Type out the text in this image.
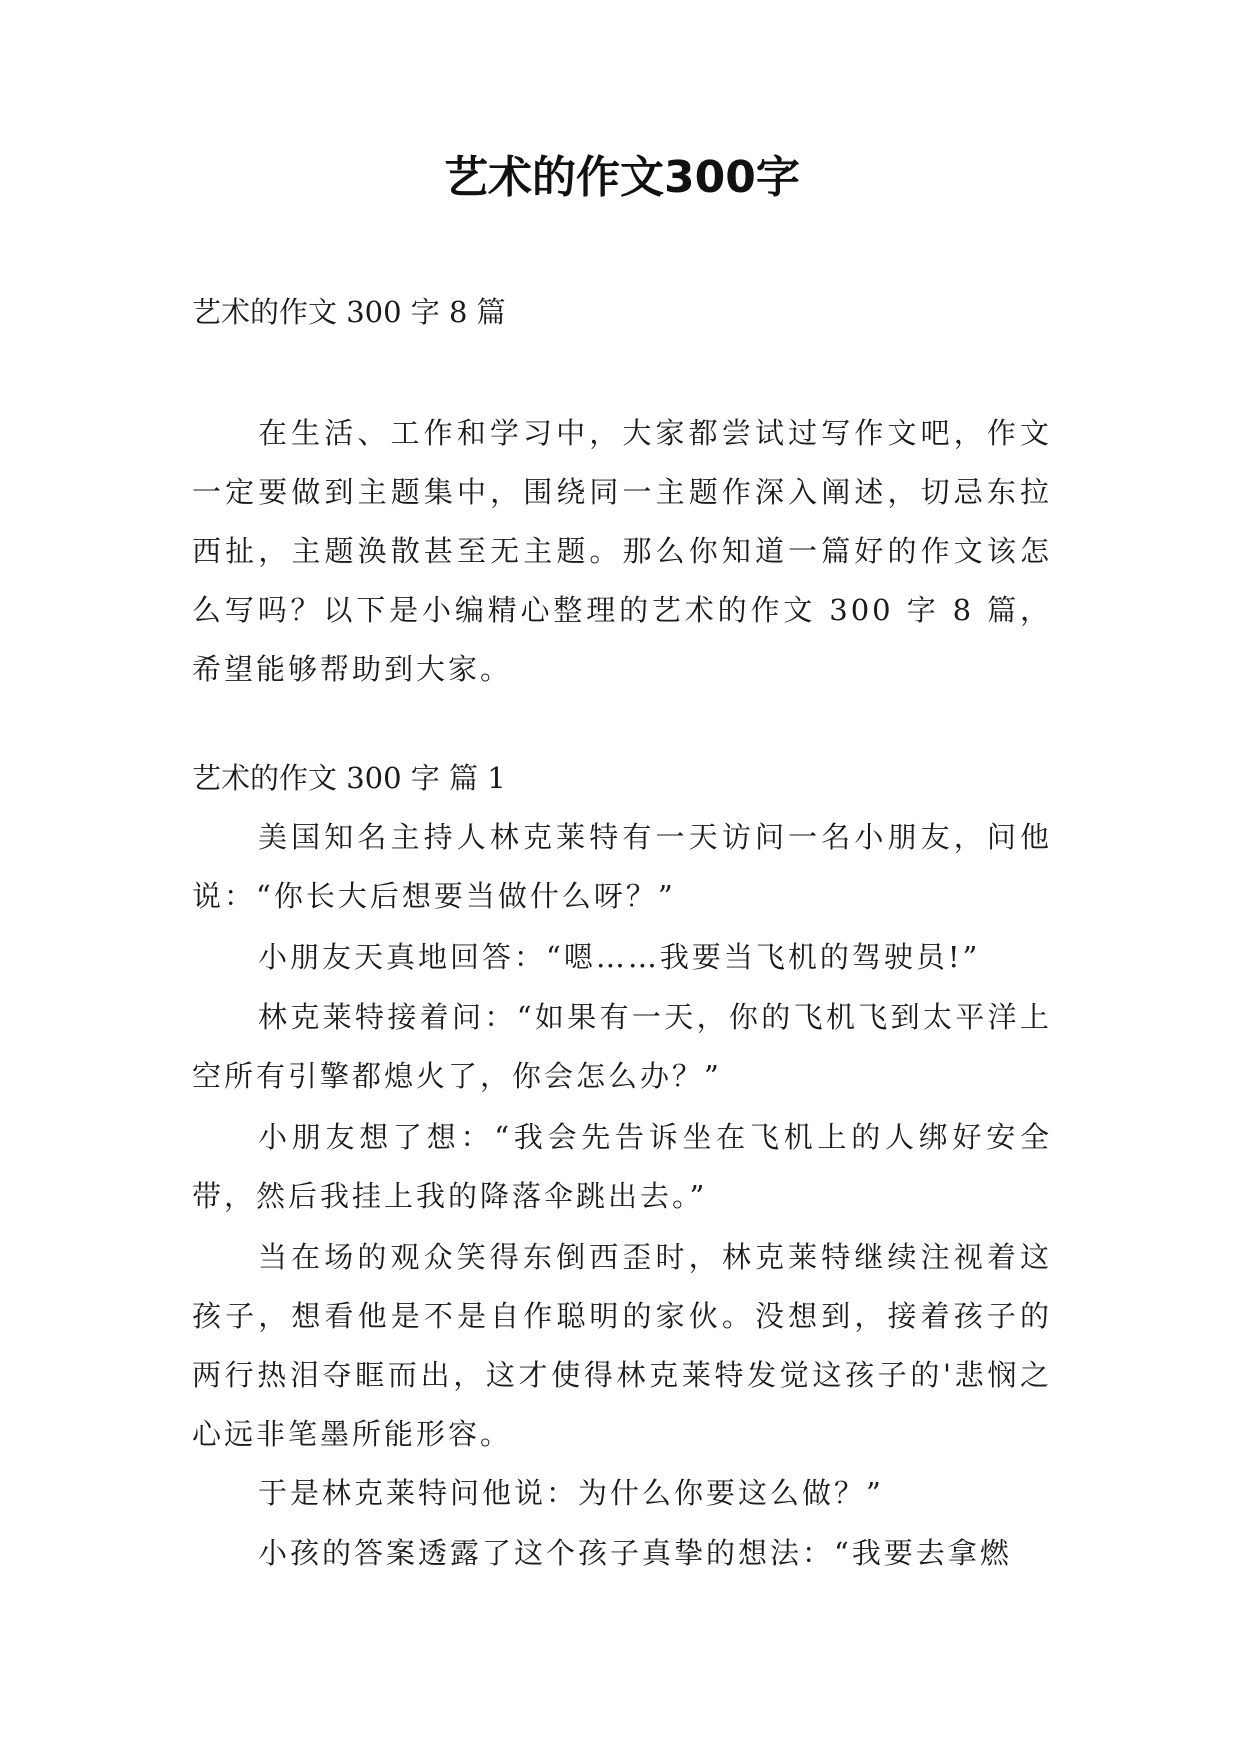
艺术的作文300字

艺术的作文 300 字 8 篇

在生活、工作和学习中，大家都尝试过写作文吧，作文一定要做到主题集中，围绕同一主题作深入阐述，切忌东拉西扯，主题涣散甚至无主题。那么你知道一篇好的作文该怎么写吗？以下是小编精心整理的艺术的作文 300 字 8 篇，希望能够帮助到大家。

艺术的作文 300 字 篇 1

美国知名主持人林克莱特有一天访问一名小朋友，问他说：“你长大后想要当做什么呀？”

小朋友天真地回答：“嗯……我要当飞机的驾驶员!”

林克莱特接着问：“如果有一天，你的飞机飞到太平洋上空所有引擎都熄火了，你会怎么办？”

小朋友想了想：“我会先告诉坐在飞机上的人绑好安全带，然后我挂上我的降落伞跳出去。”

当在场的观众笑得东倒西歪时，林克莱特继续注视着这孩子，想看他是不是自作聪明的家伙。没想到，接着孩子的两行热泪夺眶而出，这才使得林克莱特发觉这孩子的'悲悯之心远非笔墨所能形容。

于是林克莱特问他说：为什么你要这么做？”

小孩的答案透露了这个孩子真挚的想法：“我要去拿燃
